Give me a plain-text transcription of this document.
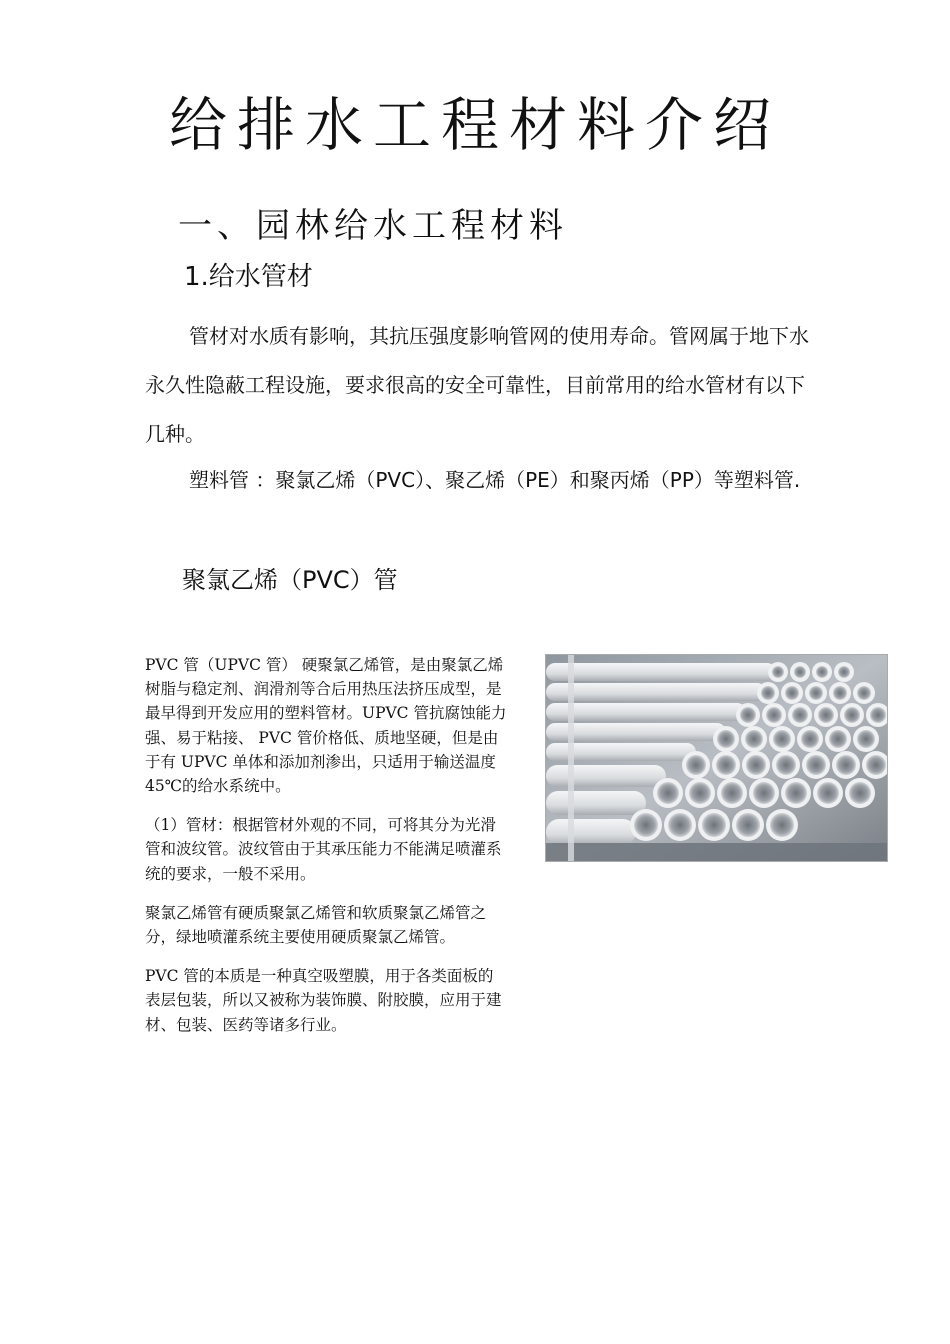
给排水工程材料介绍
一、园林给水工程材料
1.给水管材

管材对水质有影响，其抗压强度影响管网的使用寿命。管网属于地下水永久性隐蔽工程设施，要求很高的安全可靠性，目前常用的给水管材有以下几种。

塑料管 ：聚氯乙烯（PVC）、聚乙烯（PE）和聚丙烯（PP）等塑料管.

聚氯乙烯（PVC）管

PVC 管（UPVC 管） 硬聚氯乙烯管，是由聚氯乙烯树脂与稳定剂、润滑剂等合后用热压法挤压成型，是最早得到开发应用的塑料管材。UPVC 管抗腐蚀能力强、易于粘接、 PVC 管价格低、质地坚硬，但是由于有 UPVC 单体和添加剂渗出，只适用于输送温度 45℃的给水系统中。

（1）管材：根据管材外观的不同，可将其分为光滑管和波纹管。波纹管由于其承压能力不能满足喷灌系统的要求，一般不采用。

聚氯乙烯管有硬质聚氯乙烯管和软质聚氯乙烯管之分，绿地喷灌系统主要使用硬质聚氯乙烯管。

PVC 管的本质是一种真空吸塑膜，用于各类面板的表层包装，所以又被称为装饰膜、附胶膜，应用于建材、包装、医药等诸多行业。
